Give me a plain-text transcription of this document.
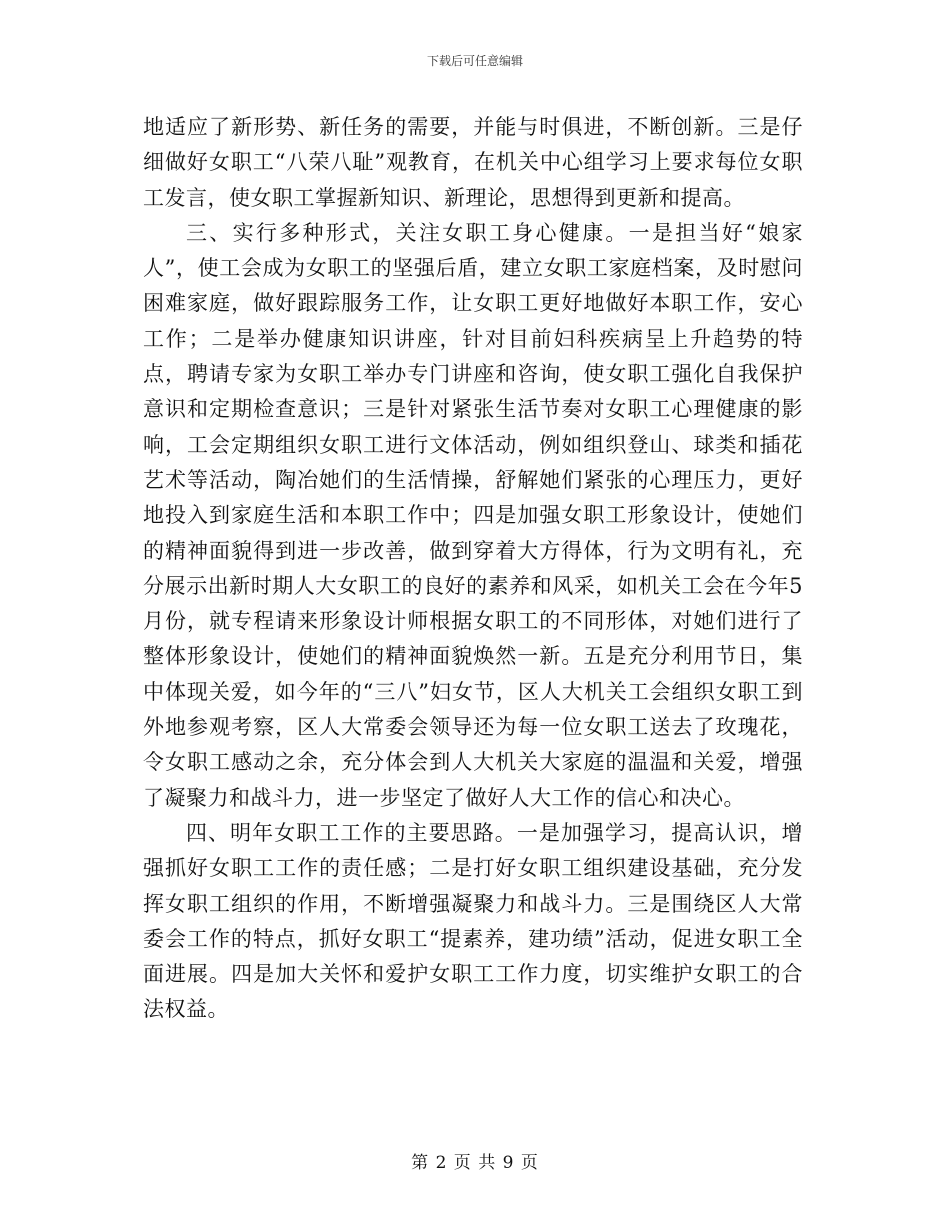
下载后可任意编辑

地适应了新形势、新任务的需要，并能与时俱进，不断创新。三是仔细做好女职工“八荣八耻”观教育，在机关中心组学习上要求每位女职工发言，使女职工掌握新知识、新理论，思想得到更新和提高。

三、实行多种形式，关注女职工身心健康。一是担当好“娘家人”，使工会成为女职工的坚强后盾，建立女职工家庭档案，及时慰问困难家庭，做好跟踪服务工作，让女职工更好地做好本职工作，安心工作；二是举办健康知识讲座，针对目前妇科疾病呈上升趋势的特点，聘请专家为女职工举办专门讲座和咨询，使女职工强化自我保护意识和定期检查意识；三是针对紧张生活节奏对女职工心理健康的影响，工会定期组织女职工进行文体活动，例如组织登山、球类和插花艺术等活动，陶冶她们的生活情操，舒解她们紧张的心理压力，更好地投入到家庭生活和本职工作中；四是加强女职工形象设计，使她们的精神面貌得到进一步改善，做到穿着大方得体，行为文明有礼，充分展示出新时期人大女职工的良好的素养和风采，如机关工会在今年5月份，就专程请来形象设计师根据女职工的不同形体，对她们进行了整体形象设计，使她们的精神面貌焕然一新。五是充分利用节日，集中体现关爱，如今年的“三八”妇女节，区人大机关工会组织女职工到外地参观考察，区人大常委会领导还为每一位女职工送去了玫瑰花，令女职工感动之余，充分体会到人大机关大家庭的温温和关爱，增强了凝聚力和战斗力，进一步坚定了做好人大工作的信心和决心。

四、明年女职工工作的主要思路。一是加强学习，提高认识，增强抓好女职工工作的责任感；二是打好女职工组织建设基础，充分发挥女职工组织的作用，不断增强凝聚力和战斗力。三是围绕区人大常委会工作的特点，抓好女职工“提素养，建功绩”活动，促进女职工全面进展。四是加大关怀和爱护女职工工作力度，切实维护女职工的合法权益。

第 2 页 共 9 页
